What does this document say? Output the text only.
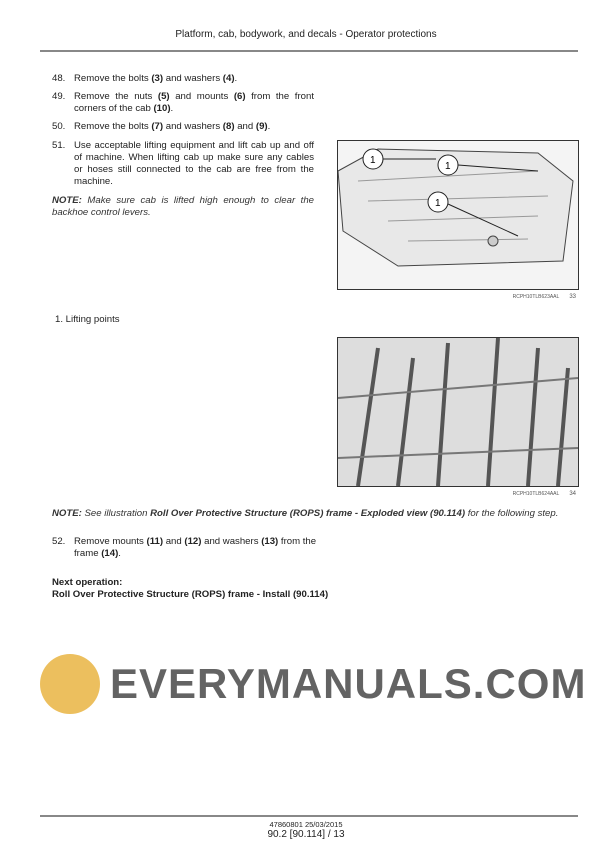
Platform, cab, bodywork, and decals - Operator protections
48. Remove the bolts (3) and washers (4).
49. Remove the nuts (5) and mounts (6) from the front corners of the cab (10).
50. Remove the bolts (7) and washers (8) and (9).
51. Use acceptable lifting equipment and lift cab up and off of machine. When lifting cab up make sure any cables or hoses still connected to the cab are free from the machine.
NOTE: Make sure cab is lifted high enough to clear the backhoe control levers.
1
1
1
RCPH10TLB623AAL 33
1. Lifting points
RCPH10TLB624AAL 34
NOTE: See illustration Roll Over Protective Structure (ROPS) frame - Exploded view (90.114) for the following step.
52. Remove mounts (11) and (12) and washers (13) from the frame (14).
Next operation:
Roll Over Protective Structure (ROPS) frame - Install (90.114)
EVERYMANUALS.COM
47860801 25/03/2015
90.2 [90.114] / 13
